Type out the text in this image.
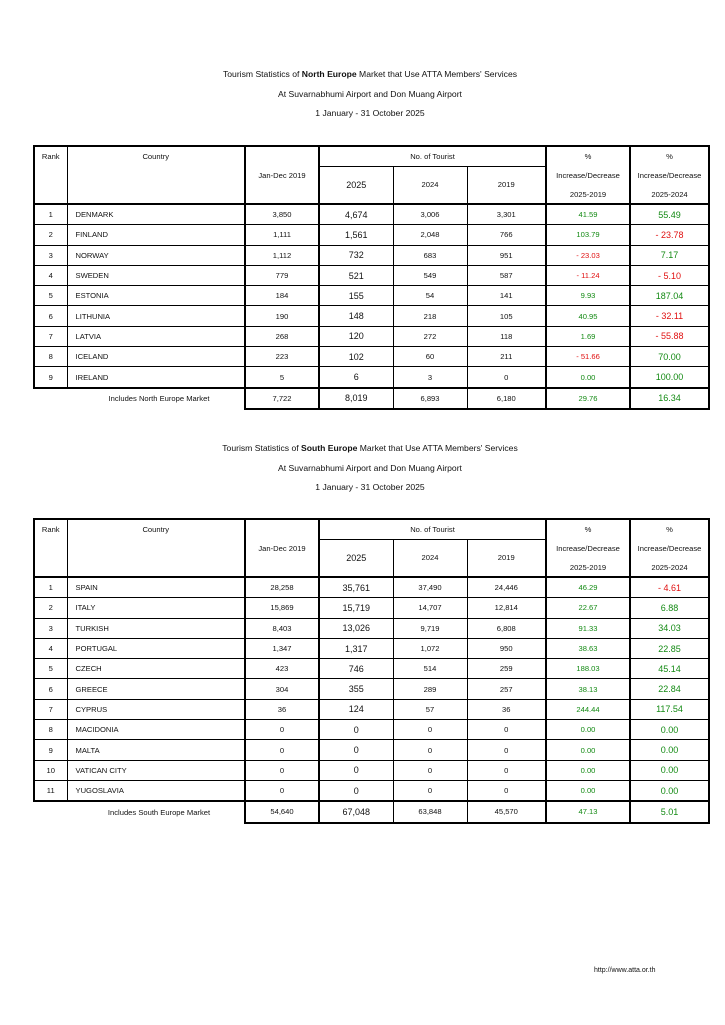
Tourism Statistics of North Europe Market that Use ATTA Members' Services
At Suvarnabhumi Airport and Don Muang Airport
1 January - 31 October 2025
Rank	Country	Jan-Dec 2019	No. of Tourist			%	%
			2025	2024	2019	Increase/Decrease	Increase/Decrease
						2025-2019	2025-2024
1	DENMARK	3,850	4,674	3,006	3,301	41.59	55.49
2	FINLAND	1,111	1,561	2,048	766	103.79	- 23.78
3	NORWAY	1,112	732	683	951	- 23.03	7.17
4	SWEDEN	779	521	549	587	- 11.24	- 5.10
5	ESTONIA	184	155	54	141	9.93	187.04
6	LITHUNIA	190	148	218	105	40.95	- 32.11
7	LATVIA	268	120	272	118	1.69	- 55.88
8	ICELAND	223	102	60	211	- 51.66	70.00
9	IRELAND	5	6	3	0	0.00	100.00
Includes North Europe Market		7,722	8,019	6,893	6,180	29.76	16.34
Tourism Statistics of South Europe Market that Use ATTA Members' Services
At Suvarnabhumi Airport and Don Muang Airport
1 January - 31 October 2025
Rank	Country	Jan-Dec 2019	No. of Tourist			%	%
			2025	2024	2019	Increase/Decrease	Increase/Decrease
						2025-2019	2025-2024
1	SPAIN	28,258	35,761	37,490	24,446	46.29	- 4.61
2	ITALY	15,869	15,719	14,707	12,814	22.67	6.88
3	TURKISH	8,403	13,026	9,719	6,808	91.33	34.03
4	PORTUGAL	1,347	1,317	1,072	950	38.63	22.85
5	CZECH	423	746	514	259	188.03	45.14
6	GREECE	304	355	289	257	38.13	22.84
7	CYPRUS	36	124	57	36	244.44	117.54
8	MACIDONIA	0	0	0	0	0.00	0.00
9	MALTA	0	0	0	0	0.00	0.00
10	VATICAN CITY	0	0	0	0	0.00	0.00
11	YUGOSLAVIA	0	0	0	0	0.00	0.00
Includes South Europe Market		54,640	67,048	63,848	45,570	47.13	5.01
http://www.atta.or.th
